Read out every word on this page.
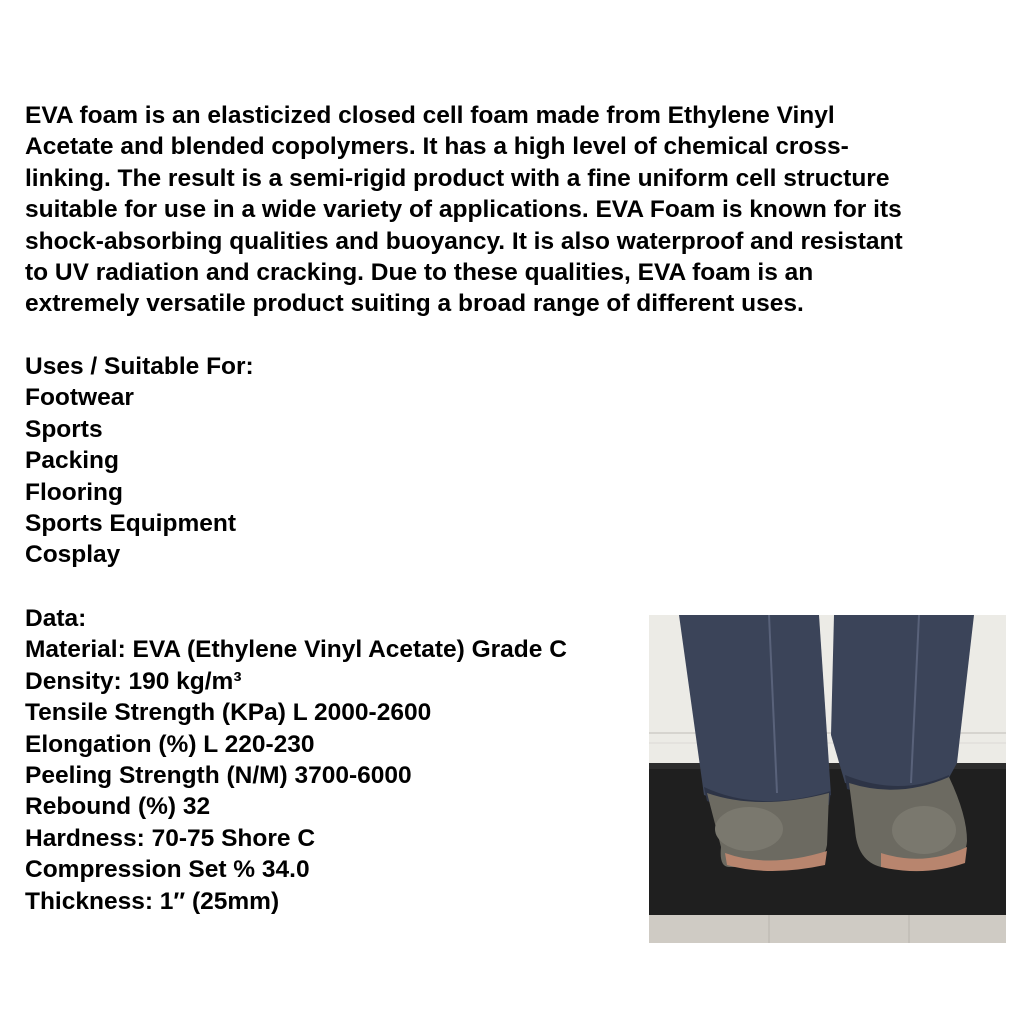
EVA foam is an elasticized closed cell foam made from Ethylene Vinyl
Acetate and blended copolymers. It has a high level of chemical cross-
linking. The result is a semi-rigid product with a fine uniform cell structure
suitable for use in a wide variety of applications. EVA Foam is known for its
shock-absorbing qualities and buoyancy. It is also waterproof and resistant
to UV radiation and cracking. Due to these qualities, EVA foam is an
extremely versatile product suiting a broad range of different uses.
Uses / Suitable For:
Footwear
Sports
Packing
Flooring
Sports Equipment
Cosplay
Data:
Material: EVA (Ethylene Vinyl Acetate) Grade C
Density: 190 kg/m³
Tensile Strength (KPa) L 2000-2600
Elongation (%) L 220-230
Peeling Strength (N/M) 3700-6000
Rebound (%) 32
Hardness: 70-75 Shore C
Compression Set % 34.0
Thickness: 1″ (25mm)
